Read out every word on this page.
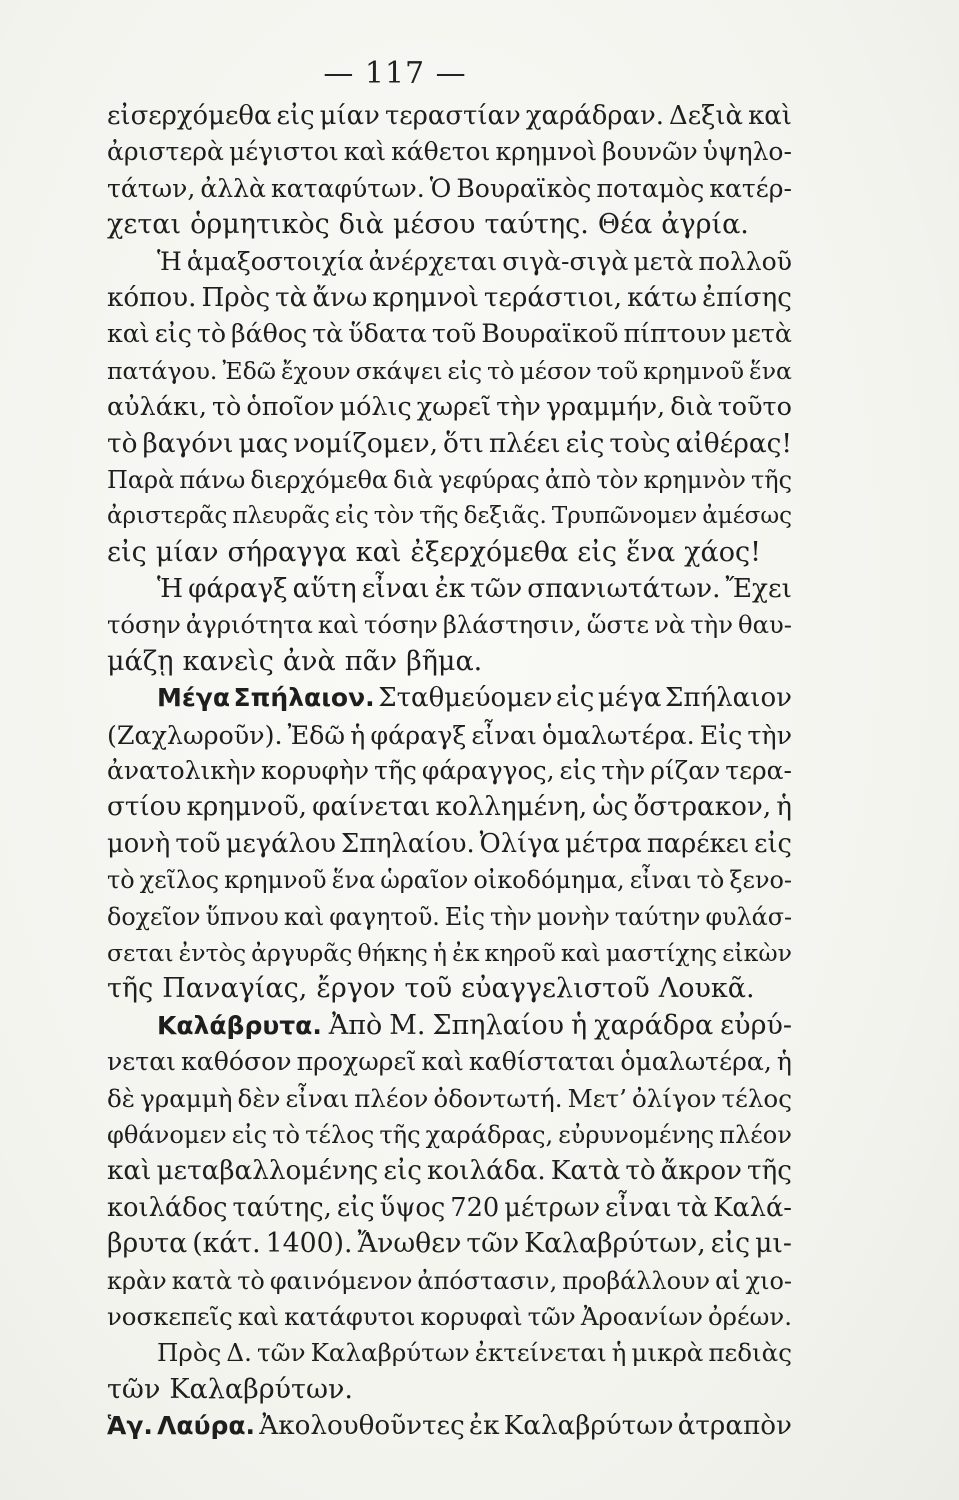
— 117 —
εἰσερχόμεθα εἰς μίαν τεραστίαν χαράδραν. Δεξιὰ καὶ
ἀριστερὰ μέγιστοι καὶ κάθετοι κρημνοὶ βουνῶν ὑψηλο-
τάτων, ἀλλὰ καταφύτων. Ὁ Βουραϊκὸς ποταμὸς κατέρ-
χεται ὁρμητικὸς διὰ μέσου ταύτης. Θέα ἀγρία.
Ἡ ἁμαξοστοιχία ἀνέρχεται σιγὰ-σιγὰ μετὰ πολλοῦ
κόπου. Πρὸς τὰ ἄνω κρημνοὶ τεράστιοι, κάτω ἐπίσης
καὶ εἰς τὸ βάθος τὰ ὕδατα τοῦ Βουραϊκοῦ πίπτουν μετὰ
πατάγου. Ἐδῶ ἔχουν σκάψει εἰς τὸ μέσον τοῦ κρημνοῦ ἕνα
αὐλάκι, τὸ ὁποῖον μόλις χωρεῖ τὴν γραμμήν, διὰ τοῦτο
τὸ βαγόνι μας νομίζομεν, ὅτι πλέει εἰς τοὺς αἰθέρας!
Παρὰ πάνω διερχόμεθα διὰ γεφύρας ἀπὸ τὸν κρημνὸν τῆς
ἀριστερᾶς πλευρᾶς εἰς τὸν τῆς δεξιᾶς. Τρυπῶνομεν ἀμέσως
εἰς μίαν σήραγγα καὶ ἐξερχόμεθα εἰς ἕνα χάος!
Ἡ φάραγξ αὕτη εἶναι ἐκ τῶν σπανιωτάτων. Ἔχει
τόσην ἀγριότητα καὶ τόσην βλάστησιν, ὥστε νὰ τὴν θαυ-
μάζῃ κανεὶς ἀνὰ πᾶν βῆμα.
Μέγα Σπήλαιον. Σταθμεύομεν εἰς μέγα Σπήλαιον
(Ζαχλωροῦν). Ἐδῶ ἡ φάραγξ εἶναι ὁμαλωτέρα. Εἰς τὴν
ἀνατολικὴν κορυφὴν τῆς φάραγγος, εἰς τὴν ρίζαν τερα-
στίου κρημνοῦ, φαίνεται κολλημένη, ὡς ὄστρακον, ἡ
μονὴ τοῦ μεγάλου Σπηλαίου. Ὀλίγα μέτρα παρέκει εἰς
τὸ χεῖλος κρημνοῦ ἕνα ὡραῖον οἰκοδόμημα, εἶναι τὸ ξενο-
δοχεῖον ὕπνου καὶ φαγητοῦ. Εἰς τὴν μονὴν ταύτην φυλάσ-
σεται ἐντὸς ἀργυρᾶς θήκης ἡ ἐκ κηροῦ καὶ μαστίχης εἰκὼν
τῆς Παναγίας, ἔργον τοῦ εὐαγγελιστοῦ Λουκᾶ.
Καλάβρυτα. Ἀπὸ Μ. Σπηλαίου ἡ χαράδρα εὐρύ-
νεται καθόσον προχωρεῖ καὶ καθίσταται ὁμαλωτέρα, ἡ
δὲ γραμμὴ δὲν εἶναι πλέον ὀδοντωτή. Μετ’ ὀλίγον τέλος
φθάνομεν εἰς τὸ τέλος τῆς χαράδρας, εὐρυνομένης πλέον
καὶ μεταβαλλομένης εἰς κοιλάδα. Κατὰ τὸ ἄκρον τῆς
κοιλάδος ταύτης, εἰς ὕψος 720 μέτρων εἶναι τὰ Καλά-
βρυτα (κάτ. 1400). Ἄνωθεν τῶν Καλαβρύτων, εἰς μι-
κρὰν κατὰ τὸ φαινόμενον ἀπόστασιν, προβάλλουν αἱ χιο-
νοσκεπεῖς καὶ κατάφυτοι κορυφαὶ τῶν Ἀροανίων ὀρέων.
Πρὸς Δ. τῶν Καλαβρύτων ἐκτείνεται ἡ μικρὰ πεδιὰς
τῶν Καλαβρύτων.
Ἁγ. Λαύρα. Ἀκολουθοῦντες ἐκ Καλαβρύτων ἀτραπὸν
